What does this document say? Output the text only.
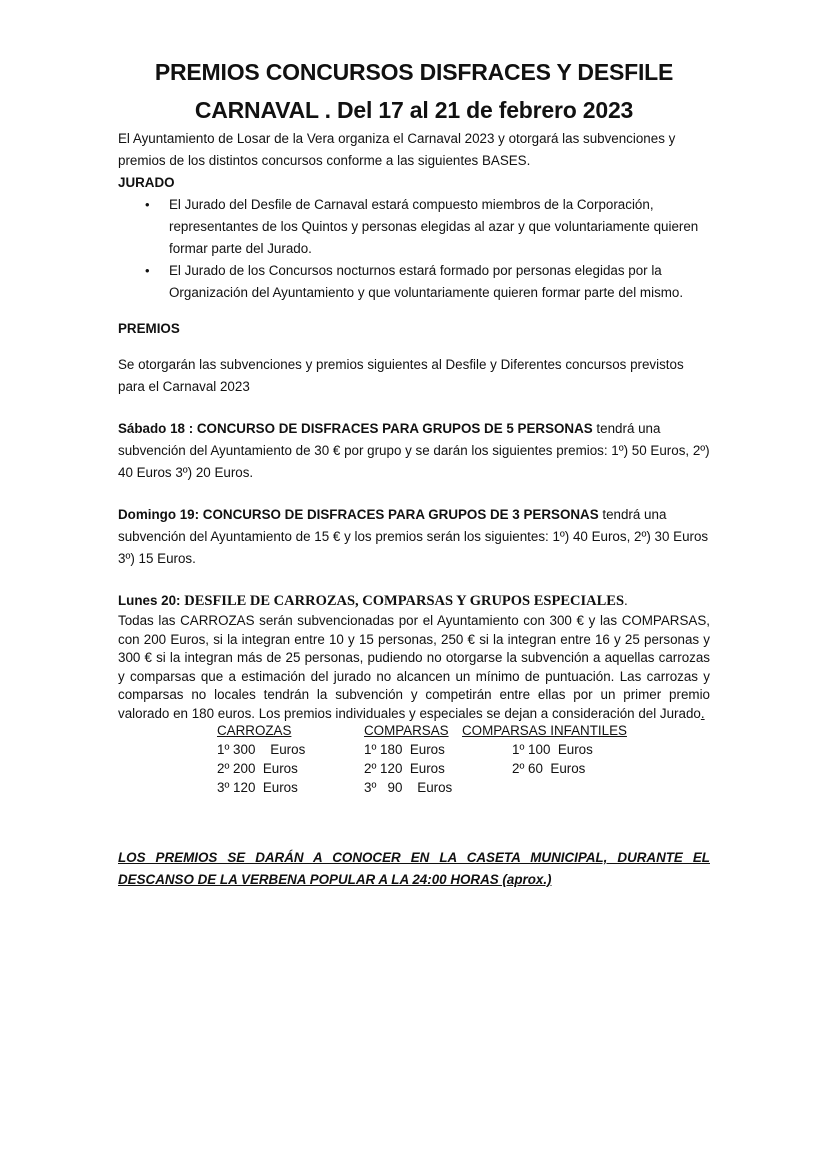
PREMIOS CONCURSOS DISFRACES Y DESFILE
CARNAVAL . Del 17 al 21 de febrero 2023

El Ayuntamiento de Losar de la Vera organiza el Carnaval 2023 y otorgará las subvenciones y premios de los distintos concursos conforme a las siguientes BASES.

JURADO
• El Jurado del Desfile de Carnaval estará compuesto miembros de la Corporación, representantes de los Quintos y personas elegidas al azar y que voluntariamente quieren formar parte del Jurado.
• El Jurado de los Concursos nocturnos estará formado por personas elegidas por la Organización del Ayuntamiento y que voluntariamente quieren formar parte del mismo.
PREMIOS

Se otorgarán las subvenciones y premios siguientes al Desfile y Diferentes concursos previstos para el Carnaval 2023

Sábado 18 : CONCURSO DE DISFRACES PARA GRUPOS DE 5 PERSONAS tendrá una subvención del Ayuntamiento de 30 € por grupo y se darán los siguientes premios: 1º) 50 Euros, 2º) 40 Euros 3º) 20 Euros.

Domingo 19: CONCURSO DE DISFRACES PARA GRUPOS DE 3 PERSONAS tendrá una subvención del Ayuntamiento de 15 € y los premios serán los siguientes: 1º) 40 Euros, 2º) 30 Euros 3º) 15 Euros.

Lunes 20: DESFILE DE CARROZAS, COMPARSAS Y GRUPOS ESPECIALES.

Todas las CARROZAS serán subvencionadas por el Ayuntamiento con 300 € y las COMPARSAS, con 200 Euros, si la integran entre 10 y 15 personas, 250 € si la integran entre 16 y 25 personas y 300 € si la integran más de 25 personas, pudiendo no otorgarse la subvención a aquellas carrozas y comparsas que a estimación del jurado no alcancen un mínimo de puntuación. Las carrozas y comparsas no locales tendrán la subvención y competirán entre ellas por un primer premio valorado en 180 euros. Los premios individuales y especiales se dejan a consideración del Jurado.

CARROZAS	COMPARSAS COMPARSAS INFANTILES
1º 300    Euros
2º 200  Euros
3º 120  Euros
1º 180  Euros
2º 120  Euros
3º   90    Euros
1º 100  Euros
2º 60  Euros

LOS PREMIOS SE DARÁN A CONOCER EN LA CASETA MUNICIPAL, DURANTE EL DESCANSO DE LA VERBENA POPULAR A LA 24:00 HORAS (aprox.)
